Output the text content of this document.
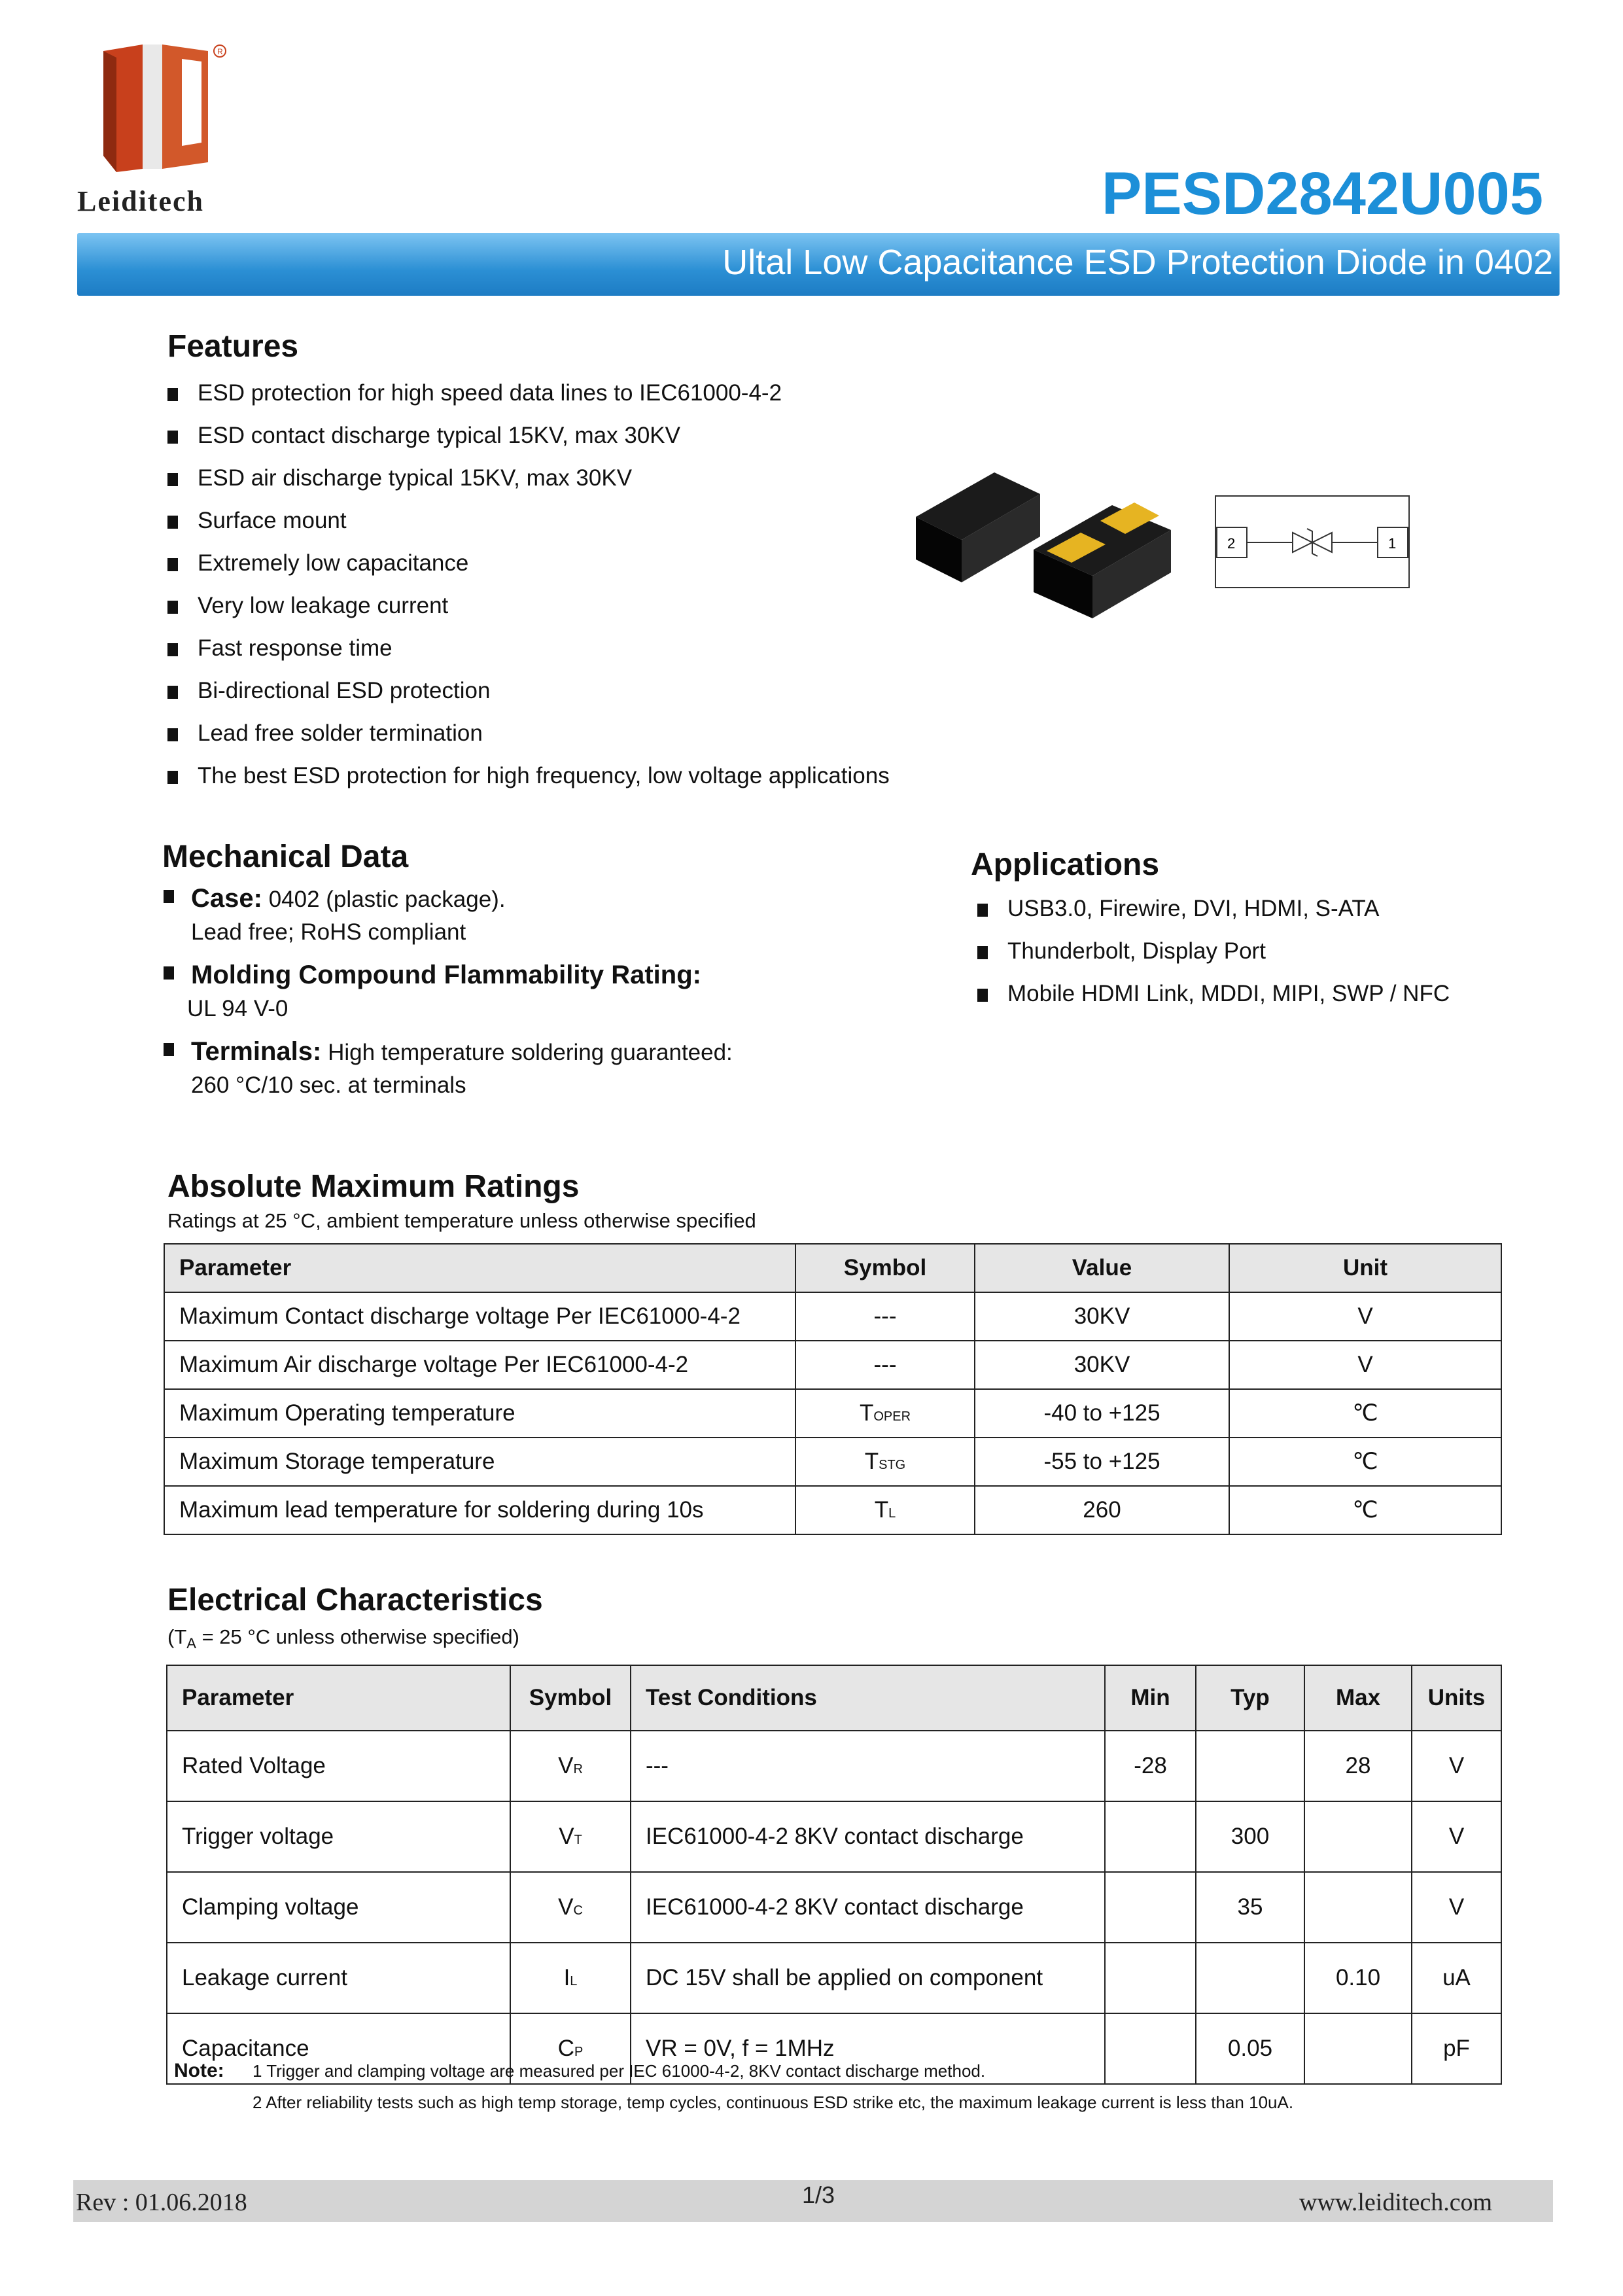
R
Leiditech	PESD2842U005
Ultal Low Capacitance ESD Protection Diode in 0402
Features
ESD protection for high speed data lines to IEC61000-4-2
ESD contact discharge typical 15KV, max 30KV
ESD air discharge typical 15KV, max 30KV
Surface mount
Extremely low capacitance
Very low leakage current
Fast response time
Bi-directional ESD protection
Lead free solder termination
The best ESD protection for high frequency, low voltage applications
2	1
Mechanical Data
Case: 0402 (plastic package).
Lead free; RoHS compliant
Molding Compound Flammability Rating:
UL 94 V-0
Terminals: High temperature soldering guaranteed:
260 °C/10 sec. at terminals
Applications
USB3.0, Firewire, DVI, HDMI, S-ATA
Thunderbolt, Display Port
Mobile HDMI Link, MDDI, MIPI, SWP / NFC
Absolute Maximum Ratings
Ratings at 25 °C, ambient temperature unless otherwise specified
Parameter	Symbol	Value	Unit
Maximum Contact discharge voltage Per IEC61000-4-2	---	30KV	V
Maximum Air discharge voltage Per IEC61000-4-2	---	30KV	V
Maximum Operating temperature	TOPER	-40 to +125	℃
Maximum Storage temperature	TSTG	-55 to +125	℃
Maximum lead temperature for soldering during 10s	TL	260	℃
Electrical Characteristics
($T_A = 25$ °C unless otherwise specified)
Parameter	Symbol	Test Conditions	Min	Typ	Max	Units
Rated Voltage	VR	---	-28		28	V
Trigger voltage	VT	IEC61000-4-2 8KV contact discharge		300		V
Clamping voltage	VC	IEC61000-4-2 8KV contact discharge		35		V
Leakage current	IL	DC 15V shall be applied on component			0.10	uA
Capacitance	CP	VR = 0V, f = 1MHz		0.05		pF
Note: 1 Trigger and clamping voltage are measured per IEC 61000-4-2, 8KV contact discharge method.
2 After reliability tests such as high temp storage, temp cycles, continuous ESD strike etc, the maximum leakage current is less than 10uA.
Rev : 01.06.2018	1/3	www.leiditech.com
